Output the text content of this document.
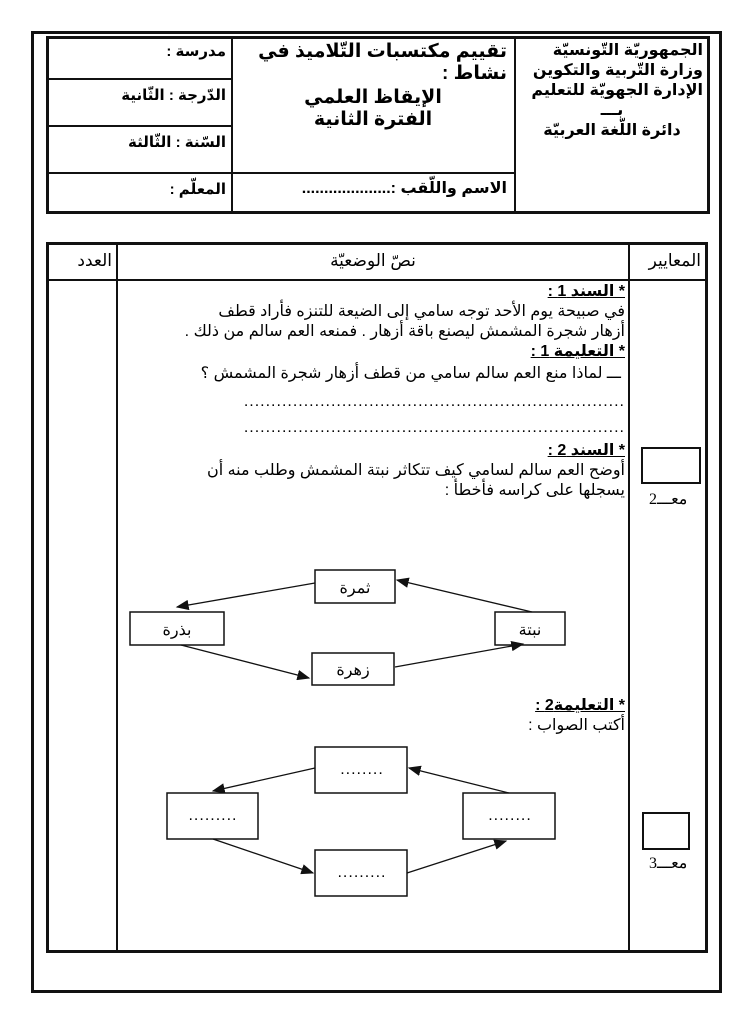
الجمهوريّة التّونسيّة
وزارة التّربية والتكوين
الإدارة الجهويّة للتعليم
بـــ
دائرة اللّغة العربيّة
تقييم مكتسبات التّلاميذ في
نشاط :
الإيقاظ العلمي
الفترة الثانية
الاسم واللّقب :....................
مدرسة :
الدّرجة : الثّانية
السّنة : الثّالثة
المعلّم :
العدد	نصّ الوضعيّة	المعايير
* السند 1 :
في صبيحة يوم الأحد توجه سامي إلى الضيعة للتنزه فأراد قطف
أزهار شجرة المشمش ليصنع باقة أزهار . فمنعه العم سالم من ذلك .
* التعليمة 1 :
ـــ لماذا منع العم سالم سامي من قطف أزهار شجرة المشمش ؟
......................................................................
......................................................................
* السند 2 :
أوضح العم سالم لسامي كيف تتكاثر نبتة المشمش وطلب منه أن
يسجلها على كراسه فأخطأ :
ثمرة
بذرة	نبتة
زهرة
* التعليمة2 :
أكتب الصواب :
........
.........	........
.........
معـــ2
معـــ3
